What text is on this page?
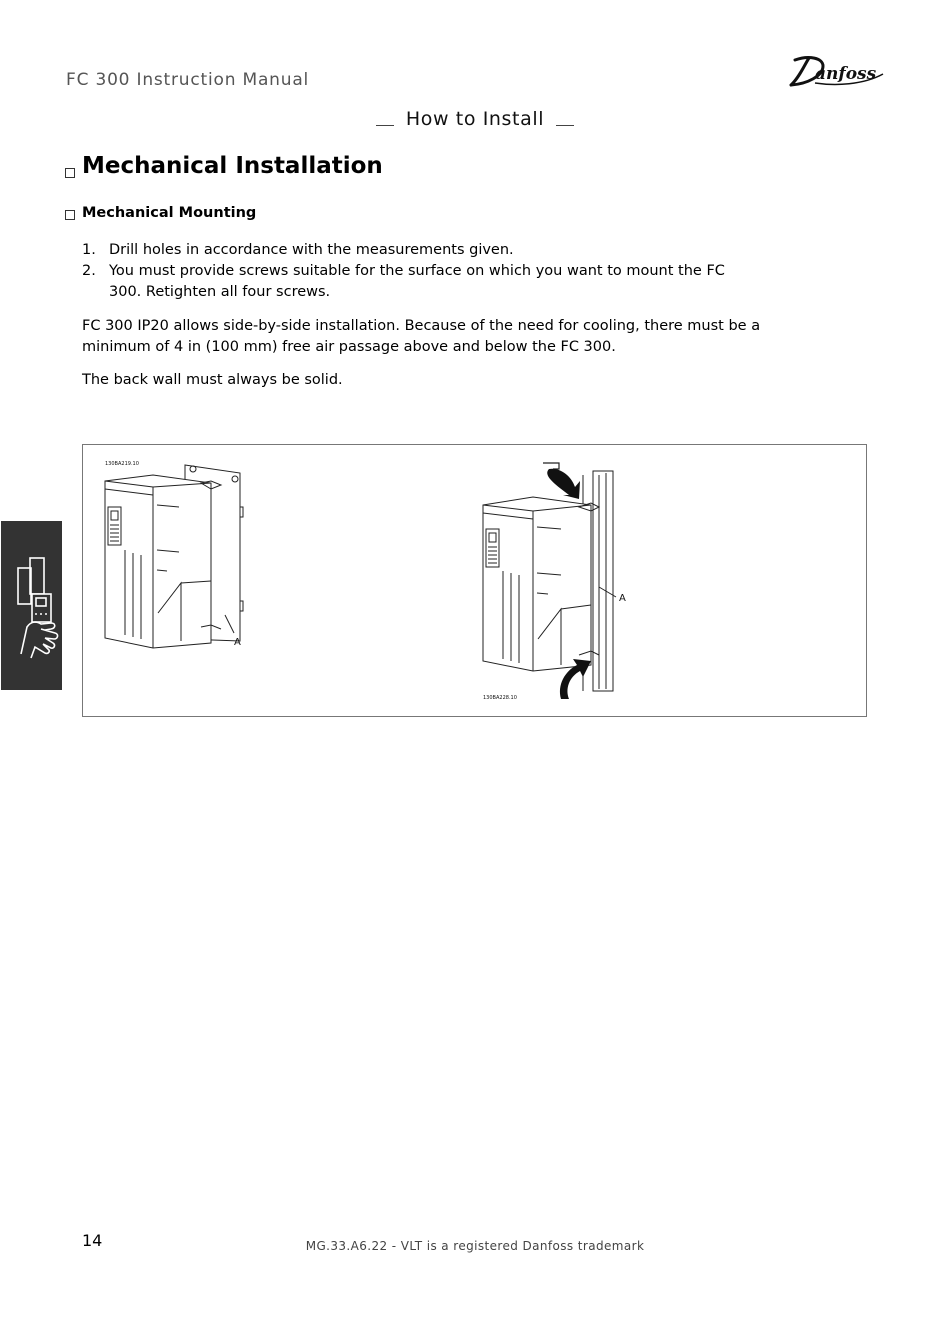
FC 300 Instruction Manual	anfoss
How to Install
Mechanical Installation
Mechanical Mounting
1. Drill holes in accordance with the measurements given.
2. You must provide screws suitable for the surface on which you want to mount the FC 300. Retighten all four screws.
FC 300 IP20 allows side-by-side installation. Because of the need for cooling, there must be a minimum of 4 in (100 mm) free air passage above and below the FC 300.
The back wall must always be solid.
130BA219.10
130BA228.10
A
A
14	MG.33.A6.22 - VLT is a registered Danfoss trademark
